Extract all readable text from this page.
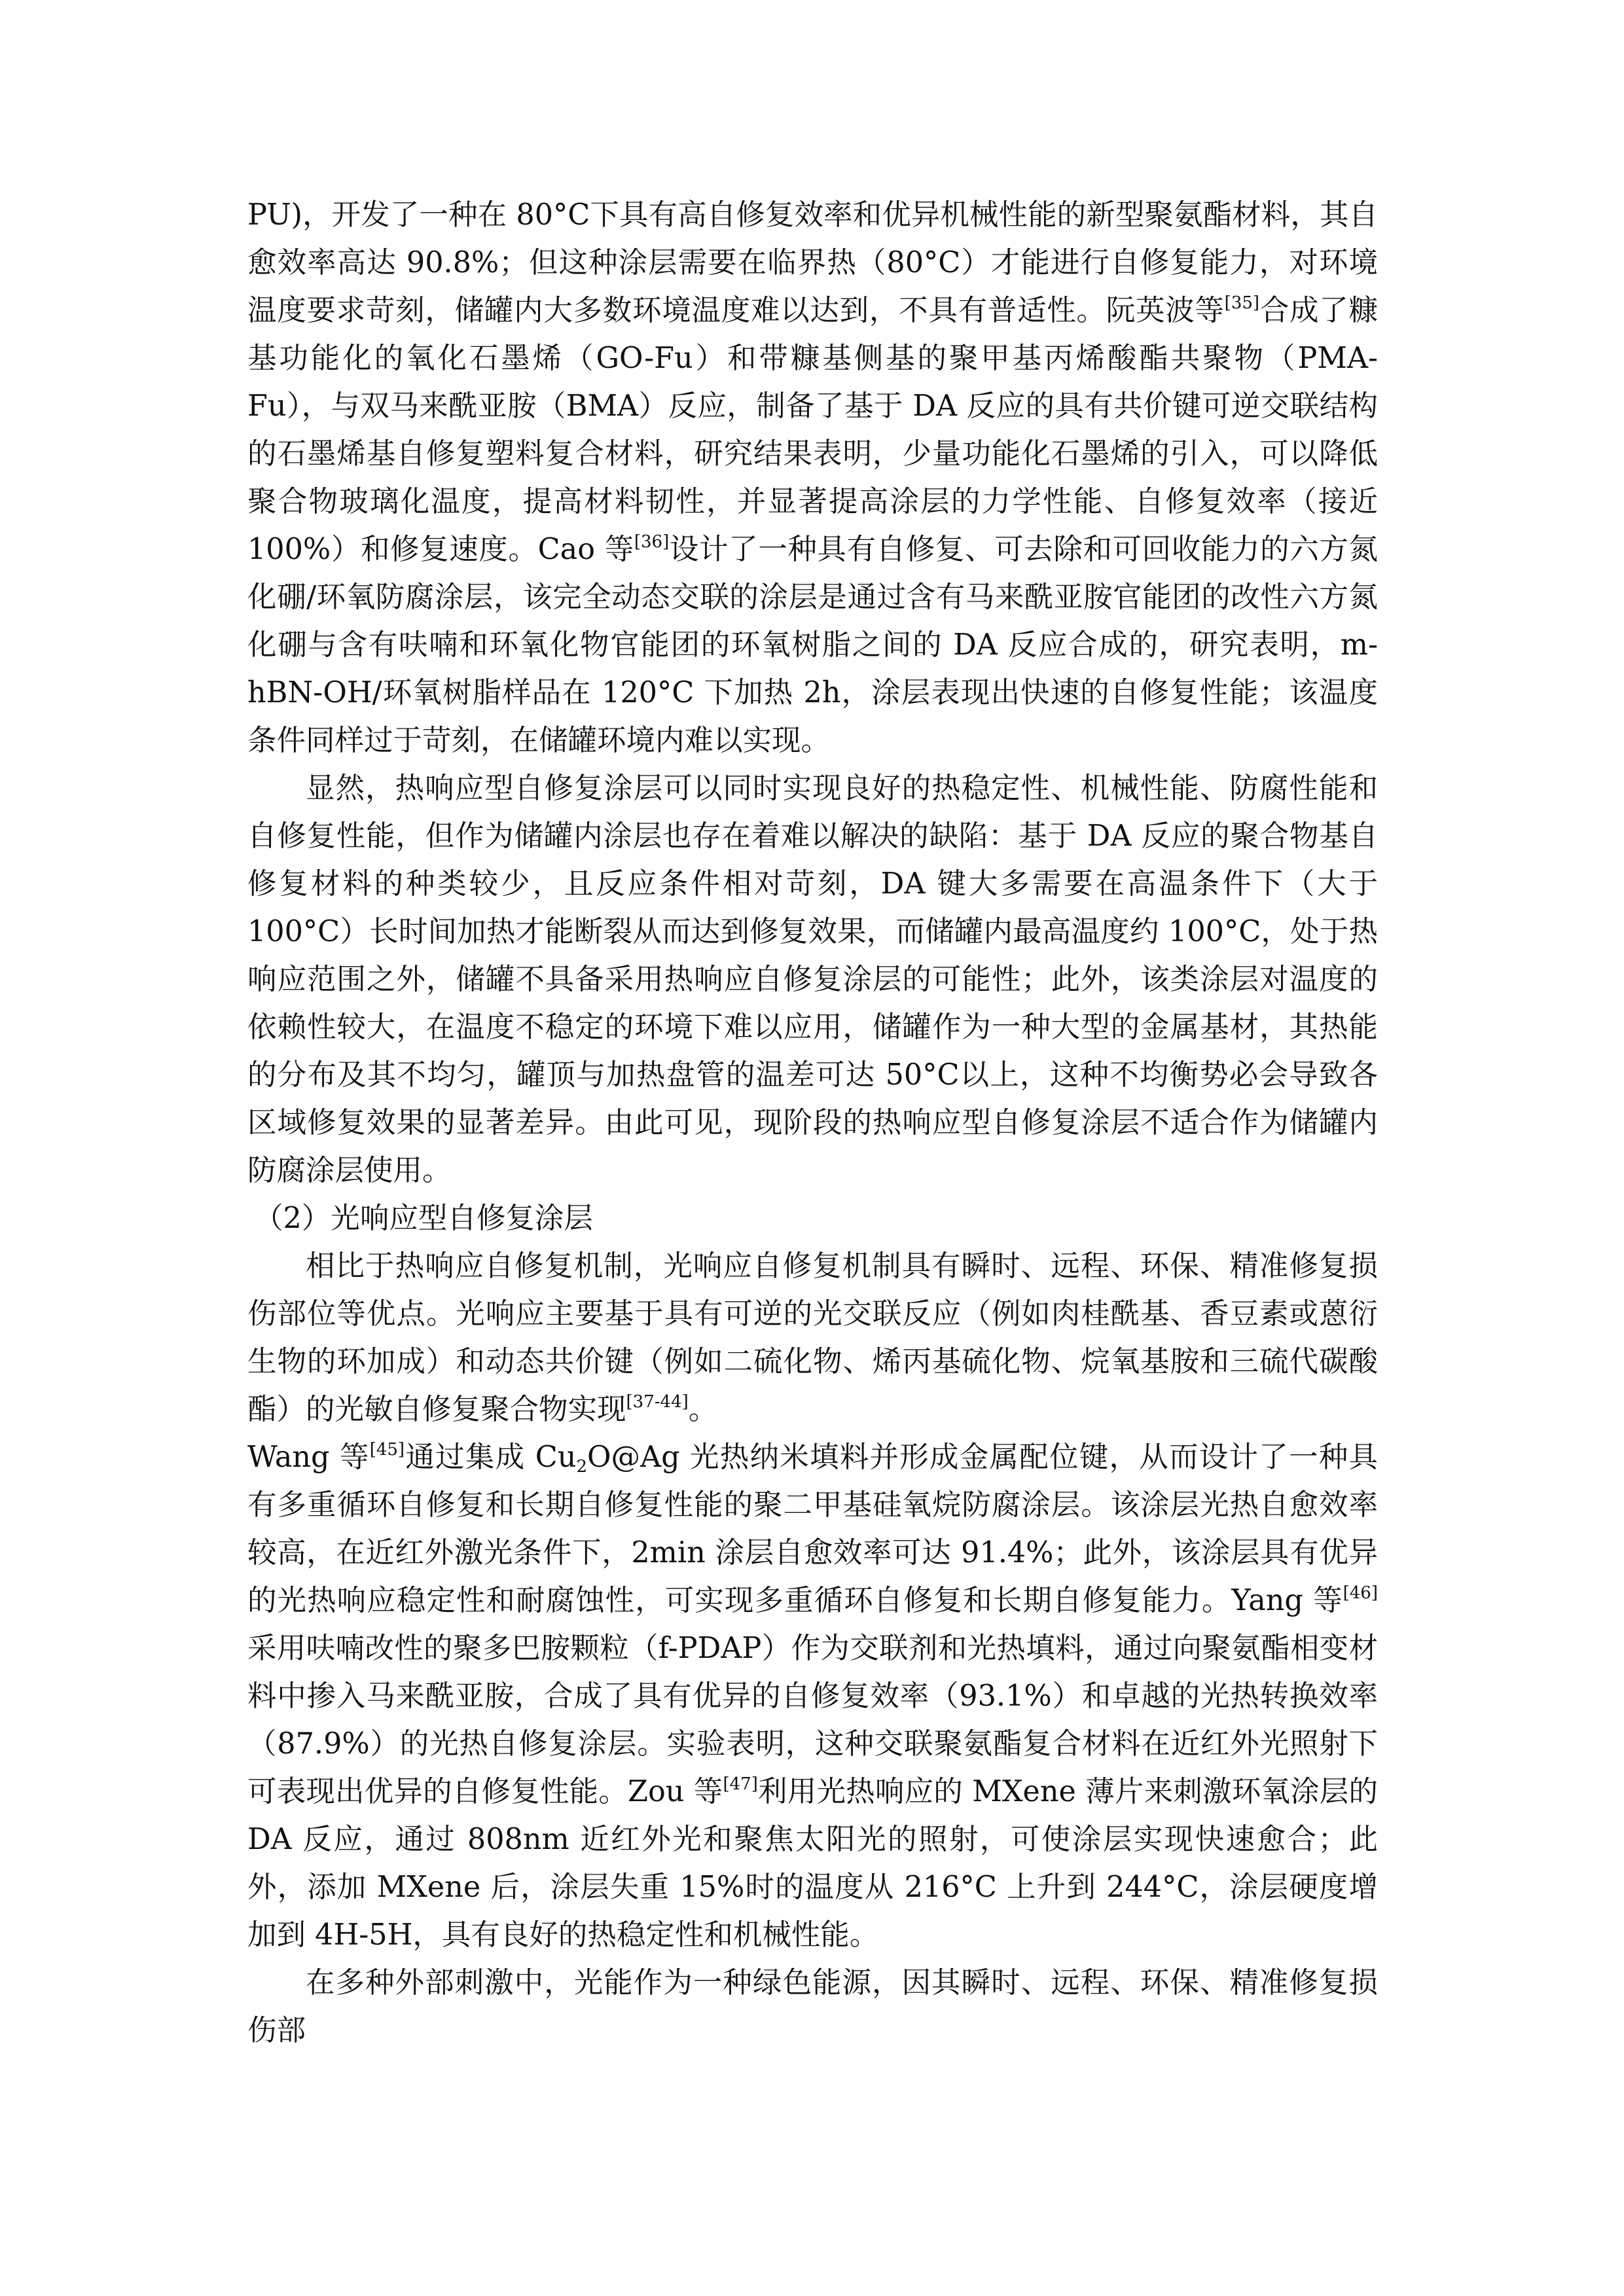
PU)，开发了一种在 80°C下具有高自修复效率和优异机械性能的新型聚氨酯材料，其自愈效率高达 90.8%；但这种涂层需要在临界热（80°C）才能进行自修复能力，对环境温度要求苛刻，储罐内大多数环境温度难以达到，不具有普适性。阮英波等[35]合成了糠基功能化的氧化石墨烯（GO-Fu）和带糠基侧基的聚甲基丙烯酸酯共聚物（PMA-Fu），与双马来酰亚胺（BMA）反应，制备了基于 DA 反应的具有共价键可逆交联结构的石墨烯基自修复塑料复合材料，研究结果表明，少量功能化石墨烯的引入，可以降低聚合物玻璃化温度，提高材料韧性，并显著提高涂层的力学性能、自修复效率（接近 100%）和修复速度。Cao 等[36]设计了一种具有自修复、可去除和可回收能力的六方氮化硼/环氧防腐涂层，该完全动态交联的涂层是通过含有马来酰亚胺官能团的改性六方氮化硼与含有呋喃和环氧化物官能团的环氧树脂之间的 DA 反应合成的，研究表明，m-hBN-OH/环氧树脂样品在 120°C 下加热 2h，涂层表现出快速的自修复性能；该温度条件同样过于苛刻，在储罐环境内难以实现。

显然，热响应型自修复涂层可以同时实现良好的热稳定性、机械性能、防腐性能和自修复性能，但作为储罐内涂层也存在着难以解决的缺陷：基于 DA 反应的聚合物基自修复材料的种类较少，且反应条件相对苛刻，DA 键大多需要在高温条件下（大于 100°C）长时间加热才能断裂从而达到修复效果，而储罐内最高温度约 100°C，处于热响应范围之外，储罐不具备采用热响应自修复涂层的可能性；此外，该类涂层对温度的依赖性较大，在温度不稳定的环境下难以应用，储罐作为一种大型的金属基材，其热能的分布及其不均匀，罐顶与加热盘管的温差可达 50°C以上，这种不均衡势必会导致各区域修复效果的显著差异。由此可见，现阶段的热响应型自修复涂层不适合作为储罐内防腐涂层使用。

（2）光响应型自修复涂层

相比于热响应自修复机制，光响应自修复机制具有瞬时、远程、环保、精准修复损伤部位等优点。光响应主要基于具有可逆的光交联反应（例如肉桂酰基、香豆素或蒽衍生物的环加成）和动态共价键（例如二硫化物、烯丙基硫化物、烷氧基胺和三硫代碳酸酯）的光敏自修复聚合物实现[37-44]。

Wang 等[45]通过集成 $Cu_2O@Ag$ 光热纳米填料并形成金属配位键，从而设计了一种具有多重循环自修复和长期自修复性能的聚二甲基硅氧烷防腐涂层。该涂层光热自愈效率较高，在近红外激光条件下，2min 涂层自愈效率可达 91.4%；此外，该涂层具有优异的光热响应稳定性和耐腐蚀性，可实现多重循环自修复和长期自修复能力。Yang 等[46]采用呋喃改性的聚多巴胺颗粒（f-PDAP）作为交联剂和光热填料，通过向聚氨酯相变材料中掺入马来酰亚胺，合成了具有优异的自修复效率（93.1%）和卓越的光热转换效率（87.9%）的光热自修复涂层。实验表明，这种交联聚氨酯复合材料在近红外光照射下可表现出优异的自修复性能。Zou 等[47]利用光热响应的 MXene 薄片来刺激环氧涂层的 DA 反应，通过 808nm 近红外光和聚焦太阳光的照射，可使涂层实现快速愈合；此外，添加 MXene 后，涂层失重 15%时的温度从 216°C 上升到 244°C，涂层硬度增加到 4H-5H，具有良好的热稳定性和机械性能。

在多种外部刺激中，光能作为一种绿色能源，因其瞬时、远程、环保、精准修复损伤部
